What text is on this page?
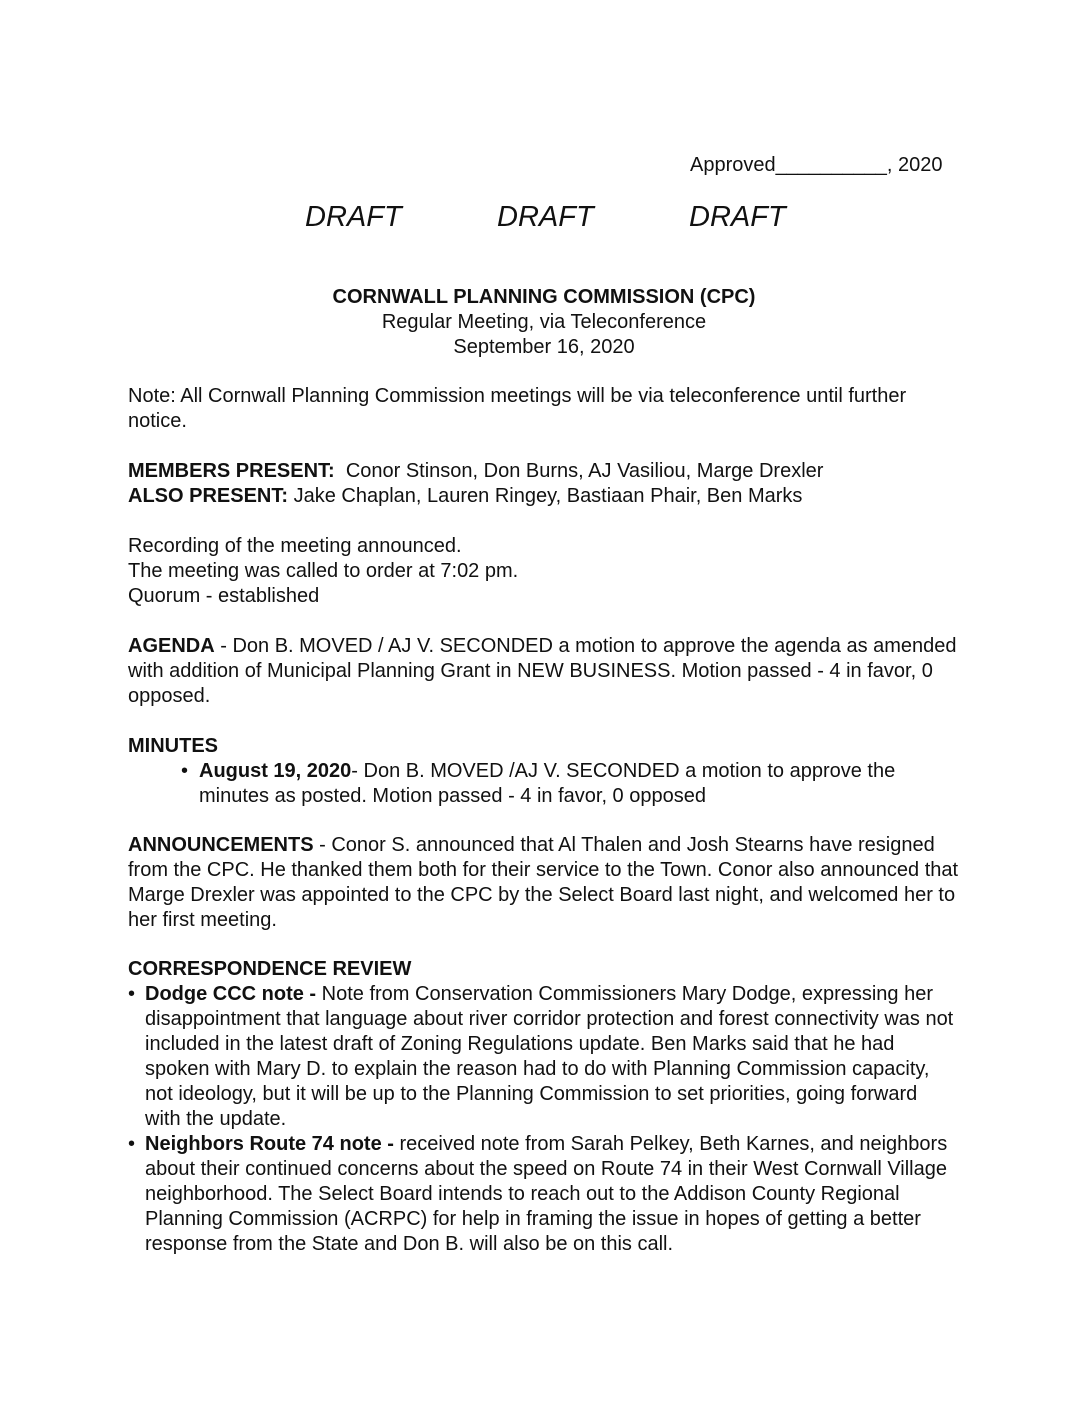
Approved__________, 2020
DRAFT	DRAFT	DRAFT
CORNWALL PLANNING COMMISSION (CPC)
Regular Meeting, via Teleconference
September 16, 2020
Note: All Cornwall Planning Commission meetings will be via teleconference until further notice.
MEMBERS PRESENT:  Conor Stinson, Don Burns, AJ Vasiliou, Marge Drexler
ALSO PRESENT: Jake Chaplan, Lauren Ringey, Bastiaan Phair, Ben Marks
Recording of the meeting announced.
The meeting was called to order at 7:02 pm.
Quorum - established
AGENDA - Don B. MOVED / AJ V. SECONDED a motion to approve the agenda as amended with addition of Municipal Planning Grant in NEW BUSINESS. Motion passed - 4 in favor, 0 opposed.
MINUTES
• August 19, 2020- Don B. MOVED /AJ V. SECONDED a motion to approve the minutes as posted. Motion passed - 4 in favor, 0 opposed
ANNOUNCEMENTS - Conor S. announced that Al Thalen and Josh Stearns have resigned from the CPC. He thanked them both for their service to the Town. Conor also announced that Marge Drexler was appointed to the CPC by the Select Board last night, and welcomed her to her first meeting.
CORRESPONDENCE REVIEW
• Dodge CCC note - Note from Conservation Commissioners Mary Dodge, expressing her disappointment that language about river corridor protection and forest connectivity was not included in the latest draft of Zoning Regulations update. Ben Marks said that he had spoken with Mary D. to explain the reason had to do with Planning Commission capacity, not ideology, but it will be up to the Planning Commission to set priorities, going forward with the update.
• Neighbors Route 74 note - received note from Sarah Pelkey, Beth Karnes, and neighbors about their continued concerns about the speed on Route 74 in their West Cornwall Village neighborhood. The Select Board intends to reach out to the Addison County Regional Planning Commission (ACRPC) for help in framing the issue in hopes of getting a better response from the State and Don B. will also be on this call.
